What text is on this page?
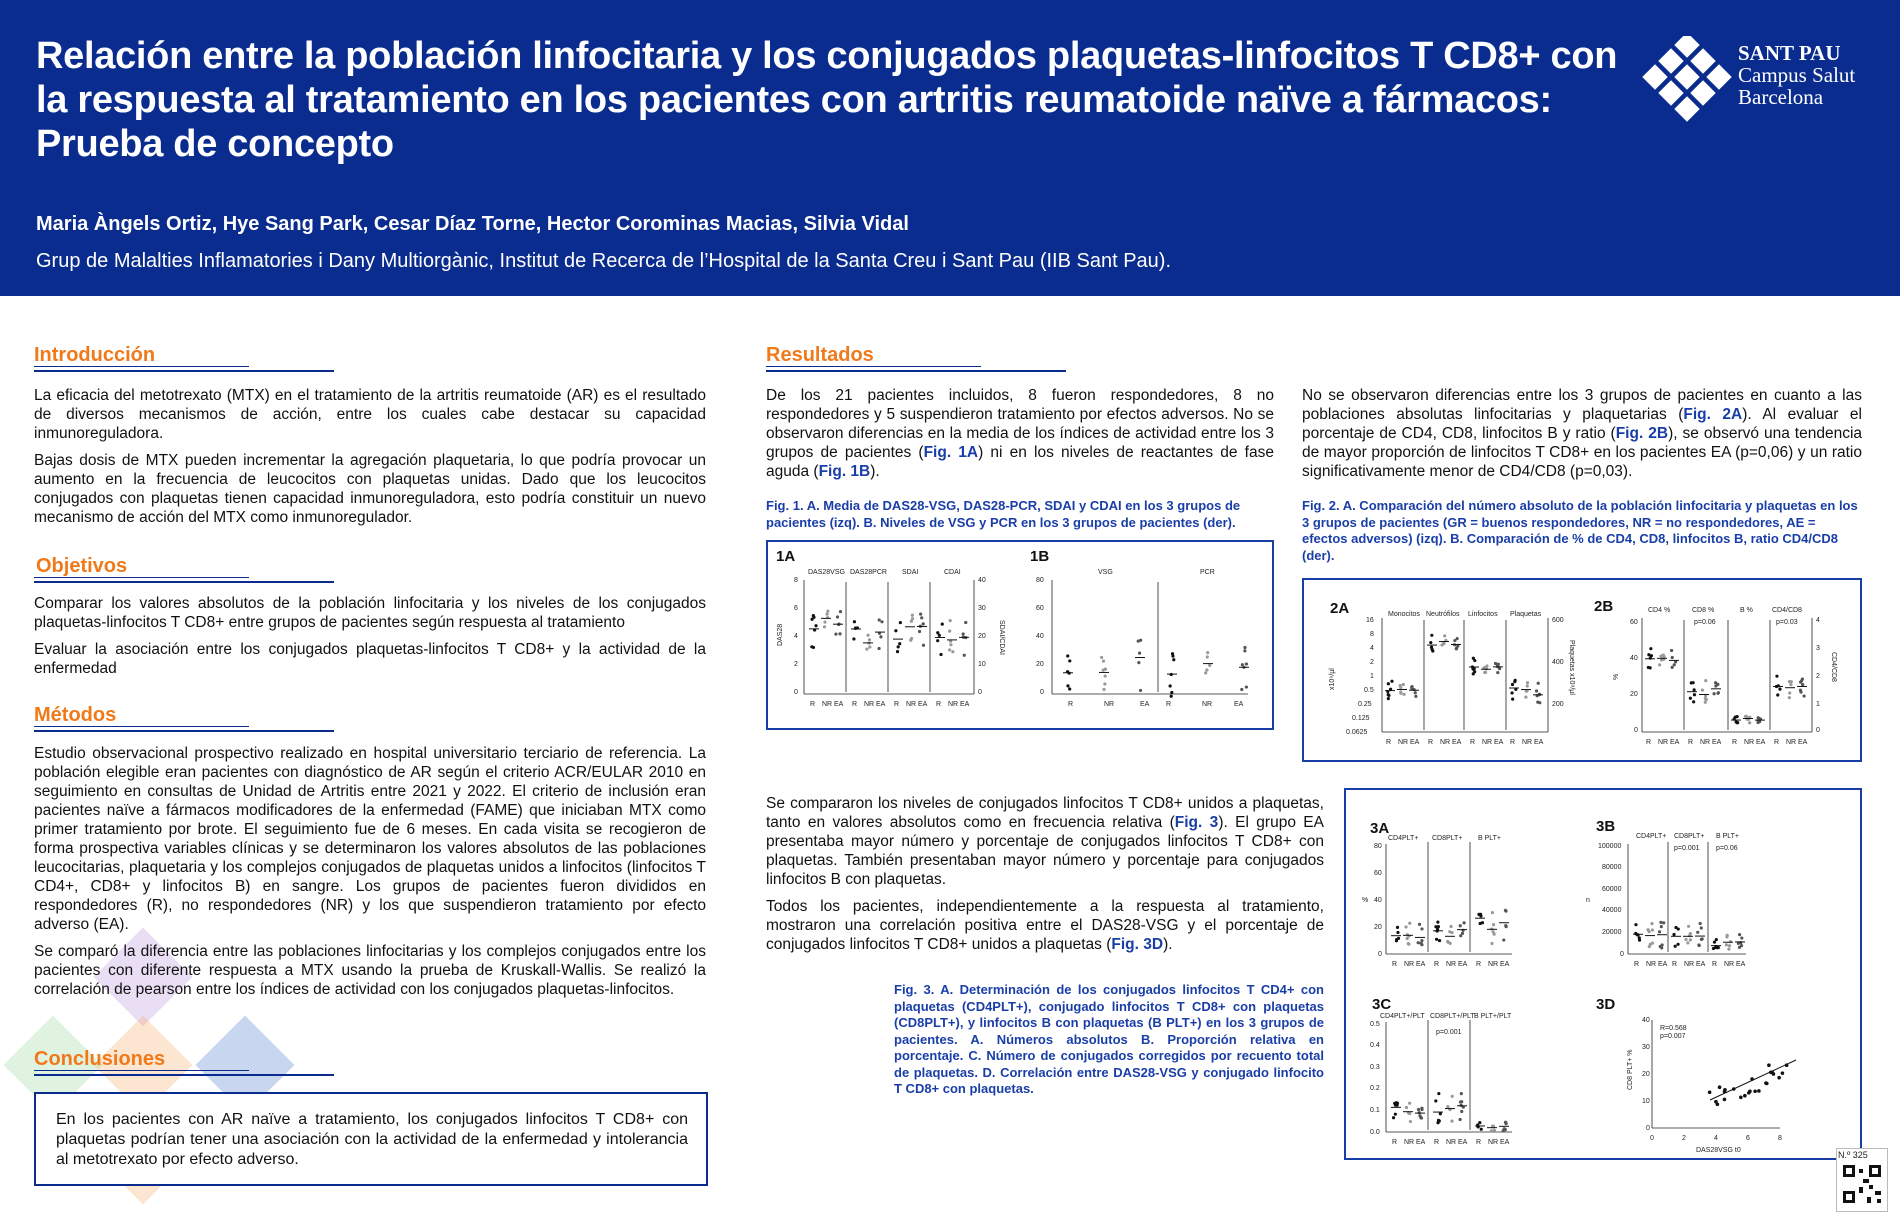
Relación entre la población linfocitaria y los conjugados plaquetas-linfocitos T CD8+ con la respuesta al tratamiento en los pacientes con artritis reumatoide naïve a fármacos: Prueba de concepto
Maria Àngels Ortiz, Hye Sang Park, Cesar Díaz Torne, Hector Corominas Macias, Silvia Vidal
Grup de Malalties Inflamatories i Dany Multiorgànic, Institut de Recerca de l’Hospital de la Santa Creu i Sant Pau (IIB Sant Pau).
SANT PAU
Campus Salut
Barcelona
Introducción

La eficacia del metotrexato (MTX) en el tratamiento de la artritis reumatoide (AR) es el resultado de diversos mecanismos de acción, entre los cuales cabe destacar su capacidad inmunoreguladora.

Bajas dosis de MTX pueden incrementar la agregación plaquetaria, lo que podría provocar un aumento en la frecuencia de leucocitos con plaquetas unidas. Dado que los leucocitos conjugados con plaquetas tienen capacidad inmunoreguladora, esto podría constituir un nuevo mecanismo de acción del MTX como inmunoregulador.

Objetivos

Comparar los valores absolutos de la población linfocitaria y los niveles de los conjugados plaquetas-linfocitos T CD8+ entre grupos de pacientes según respuesta al tratamiento

Evaluar la asociación entre los conjugados plaquetas-linfocitos T CD8+ y la actividad de la enfermedad

Métodos

Estudio observacional prospectivo realizado en hospital universitario terciario de referencia. La población elegible eran pacientes con diagnóstico de AR según el criterio ACR/EULAR 2010 en seguimiento en consultas de Unidad de Artritis entre 2021 y 2022. El criterio de inclusión eran pacientes naïve a fármacos modificadores de la enfermedad (FAME) que iniciaban MTX como primer tratamiento por brote. El seguimiento fue de 6 meses. En cada visita se recogieron de forma prospectiva variables clínicas y se determinaron los valores absolutos de las poblaciones leucocitarias, plaquetaria y los complejos conjugados de plaquetas unidos a linfocitos (linfocitos T CD4+, CD8+ y linfocitos B) en sangre. Los grupos de pacientes fueron divididos en respondedores (R), no respondedores (NR) y los que suspendieron tratamiento por efecto adverso (EA).

Se comparó la diferencia entre las poblaciones linfocitarias y los complejos conjugados entre los pacientes con diferente respuesta a MTX usando la prueba de Kruskall-Wallis. Se realizó la correlación de pearson entre los índices de actividad con los conjugados plaquetas-linfocitos.

Conclusiones
En los pacientes con AR naïve a tratamiento, los conjugados linfocitos T CD8+ con plaquetas podrían tener una asociación con la actividad de la enfermedad y intolerancia al metotrexato por efecto adverso.
Resultados
De los 21 pacientes incluidos, 8 fueron respondedores, 8 no respondedores y 5 suspendieron tratamiento por efectos adversos. No se observaron diferencias en la media de los índices de actividad entre los 3 grupos de pacientes (Fig. 1A) ni en los niveles de reactantes de fase aguda (Fig. 1B).
No se observaron diferencias entre los 3 grupos de pacientes en cuanto a las poblaciones absolutas linfocitarias y plaquetarias (Fig. 2A). Al evaluar el porcentaje de CD4, CD8, linfocitos B y ratio (Fig. 2B), se observó una tendencia de mayor proporción de linfocitos T CD8+ en los pacientes EA (p=0,06) y un ratio significativamente menor de CD4/CD8 (p=0,03).
Fig. 1. A. Media de DAS28-VSG, DAS28-PCR, SDAI y CDAI en los 3 grupos de pacientes (izq). B. Niveles de VSG y PCR en los 3 grupos de pacientes (der).
Fig. 2. A. Comparación del número absoluto de la población linfocitaria y plaquetas en los 3 grupos de pacientes (GR = buenos respondedores, NR = no respondedores, AE = efectos adversos) (izq). B. Comparación de % de CD4, CD8, linfocitos B, ratio CD4/CD8 (der).
1A	1B
DAS28VSG DAS28PCR SDAI	CDAI	VSG	PCR
8
6
4
2
0
40
30
20
10
0
80
60
40
20
0
DAS28	SDAI/CDAI
R NR EA R NR EA R NR EA R NR EA	R	NR	EA R	NR	EA
2A	2B
Monocitos Neutrófilos Linfocitos Plaquetas
CD4 %	CD8 %	B %	CD4/CD8
p=0.06	p=0.03
16
8
4
2
1
0.5
0.25
0.125
0.0625
200
400
600
x10⁹/µl	Plaquetas x10⁹/µl
60
40
20
0
4
3
2
1
0
%	CD4/CD8
R NR EA R NR EA R NR EA R NR EA	R NR EA R NR EA R NR EA R NR EA

Se compararon los niveles de conjugados linfocitos T CD8+ unidos a plaquetas, tanto en valores absolutos como en frecuencia relativa (Fig. 3). El grupo EA presentaba mayor número y porcentaje de conjugados linfocitos T CD8+ con plaquetas. También presentaban mayor número y porcentaje para conjugados linfocitos B con plaquetas.

Todos los pacientes, independientemente a la respuesta al tratamiento, mostraron una correlación positiva entre el DAS28-VSG y el porcentaje de conjugados linfocitos T CD8+ unidos a plaquetas (Fig. 3D).

Fig. 3. A. Determinación de los conjugados linfocitos T CD4+ con plaquetas (CD4PLT+), conjugado linfocitos T CD8+ con plaquetas (CD8PLT+), y linfocitos B con plaquetas (B PLT+) en los 3 grupos de pacientes. A. Números absolutos B. Proporción relativa en porcentaje. C. Número de conjugados corregidos por recuento total de plaquetas. D. Correlación entre DAS28-VSG y conjugado linfocito T CD8+ con plaquetas.
3A	3B
3C	3D
CD4PLT+ CD8PLT+ B PLT+
80
60
40
20
0
%
CD4PLT+ CD8PLT+ B PLT+
p=0.001 p=0.06
100000
80000
60000
40000
20000
0
n
CD4PLT+/PLT CD8PLT+/PLT B PLT+/PLT
p=0.001
0.5
0.4
0.3
0.2
0.1
0.0
R=0.568
p=0.007
40
30
20
10
0
0	2	4	6	8
DAS28VSG t0
CD8 PLT+ %
R NR EA R NR EA R NR EA	R NR EA R NR EA R NR EA
R NR EA R NR EA R NR EA
N.º 325
